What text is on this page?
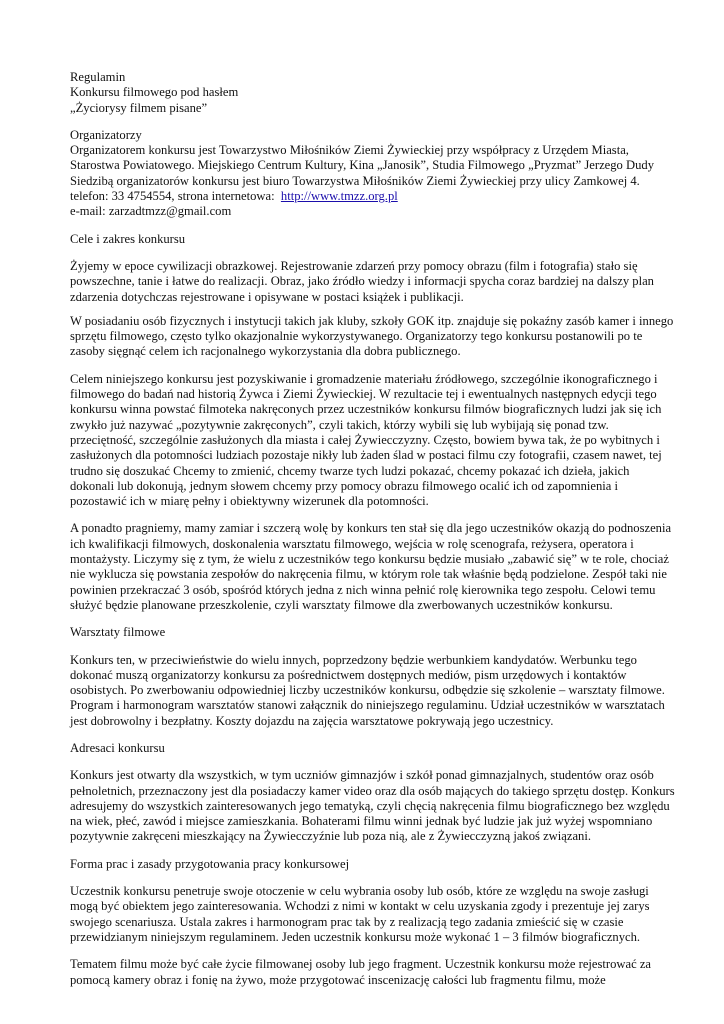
Regulamin
Konkursu filmowego pod hasłem
„Życiorysy filmem pisane”
Organizatorzy
Organizatorem konkursu jest Towarzystwo Miłośników Ziemi Żywieckiej przy współpracy z Urzędem Miasta,
Starostwa Powiatowego. Miejskiego Centrum Kultury, Kina „Janosik”, Studia Filmowego „Pryzmat” Jerzego Dudy
Siedzibą organizatorów konkursu jest biuro Towarzystwa Miłośników Ziemi Żywieckiej przy ulicy Zamkowej 4.
telefon: 33 4754554, strona internetowa:  http://www.tmzz.org.pl
e-mail: zarzadtmzz@gmail.com
Cele i zakres konkursu
Żyjemy w epoce cywilizacji obrazkowej. Rejestrowanie zdarzeń przy pomocy obrazu (film i fotografia) stało się
powszechne, tanie i łatwe do realizacji. Obraz, jako źródło wiedzy i informacji spycha coraz bardziej na dalszy plan
zdarzenia dotychczas rejestrowane i opisywane w postaci książek i publikacji.
W posiadaniu osób fizycznych i instytucji takich jak kluby, szkoły GOK itp. znajduje się pokaźny zasób kamer i innego
sprzętu filmowego, często tylko okazjonalnie wykorzystywanego. Organizatorzy tego konkursu postanowili po te
zasoby sięgnąć celem ich racjonalnego wykorzystania dla dobra publicznego.
Celem niniejszego konkursu jest pozyskiwanie i gromadzenie materiału źródłowego, szczególnie ikonograficznego i
filmowego do badań nad historią Żywca i Ziemi Żywieckiej. W rezultacie tej i ewentualnych następnych edycji tego
konkursu winna powstać filmoteka nakręconych przez uczestników konkursu filmów biograficznych ludzi jak się ich
zwykło już nazywać „pozytywnie zakręconych”, czyli takich, którzy wybili się lub wybijają się ponad tzw.
przeciętność, szczególnie zasłużonych dla miasta i całej Żywiecczyzny. Często, bowiem bywa tak, że po wybitnych i
zasłużonych dla potomności ludziach pozostaje nikły lub żaden ślad w postaci filmu czy fotografii, czasem nawet, tej
trudno się doszukać Chcemy to zmienić, chcemy twarze tych ludzi pokazać, chcemy pokazać ich dzieła, jakich
dokonali lub dokonują, jednym słowem chcemy przy pomocy obrazu filmowego ocalić ich od zapomnienia i
pozostawić ich w miarę pełny i obiektywny wizerunek dla potomności.
A ponadto pragniemy, mamy zamiar i szczerą wolę by konkurs ten stał się dla jego uczestników okazją do podnoszenia
ich kwalifikacji filmowych, doskonalenia warsztatu filmowego, wejścia w rolę scenografa, reżysera, operatora i
montażysty. Liczymy się z tym, że wielu z uczestników tego konkursu będzie musiało „zabawić się” w te role, chociaż
nie wyklucza się powstania zespołów do nakręcenia filmu, w którym role tak właśnie będą podzielone. Zespół taki nie
powinien przekraczać 3 osób, spośród których jedna z nich winna pełnić rolę kierownika tego zespołu. Celowi temu
służyć będzie planowane przeszkolenie, czyli warsztaty filmowe dla zwerbowanych uczestników konkursu.
Warsztaty filmowe
Konkurs ten, w przeciwieństwie do wielu innych, poprzedzony będzie werbunkiem kandydatów. Werbunku tego
dokonać muszą organizatorzy konkursu za pośrednictwem dostępnych mediów, pism urzędowych i kontaktów
osobistych. Po zwerbowaniu odpowiedniej liczby uczestników konkursu, odbędzie się szkolenie – warsztaty filmowe.
Program i harmonogram warsztatów stanowi załącznik do niniejszego regulaminu. Udział uczestników w warsztatach
jest dobrowolny i bezpłatny. Koszty dojazdu na zajęcia warsztatowe pokrywają jego uczestnicy.
Adresaci konkursu
Konkurs jest otwarty dla wszystkich, w tym uczniów gimnazjów i szkół ponad gimnazjalnych, studentów oraz osób
pełnoletnich, przeznaczony jest dla posiadaczy kamer video oraz dla osób mających do takiego sprzętu dostęp. Konkurs
adresujemy do wszystkich zainteresowanych jego tematyką, czyli chęcią nakręcenia filmu biograficznego bez względu
na wiek, płeć, zawód i miejsce zamieszkania. Bohaterami filmu winni jednak być ludzie jak już wyżej wspomniano
pozytywnie zakręceni mieszkający na Żywiecczyźnie lub poza nią, ale z Żywiecczyzną jakoś związani.
Forma prac i zasady przygotowania pracy konkursowej
Uczestnik konkursu penetruje swoje otoczenie w celu wybrania osoby lub osób, które ze względu na swoje zasługi
mogą być obiektem jego zainteresowania. Wchodzi z nimi w kontakt w celu uzyskania zgody i prezentuje jej zarys
swojego scenariusza. Ustala zakres i harmonogram prac tak by z realizacją tego zadania zmieścić się w czasie
przewidzianym niniejszym regulaminem. Jeden uczestnik konkursu może wykonać 1 – 3 filmów biograficznych.
Tematem filmu może być całe życie filmowanej osoby lub jego fragment. Uczestnik konkursu może rejestrować za
pomocą kamery obraz i fonię na żywo, może przygotować inscenizację całości lub fragmentu filmu, może
